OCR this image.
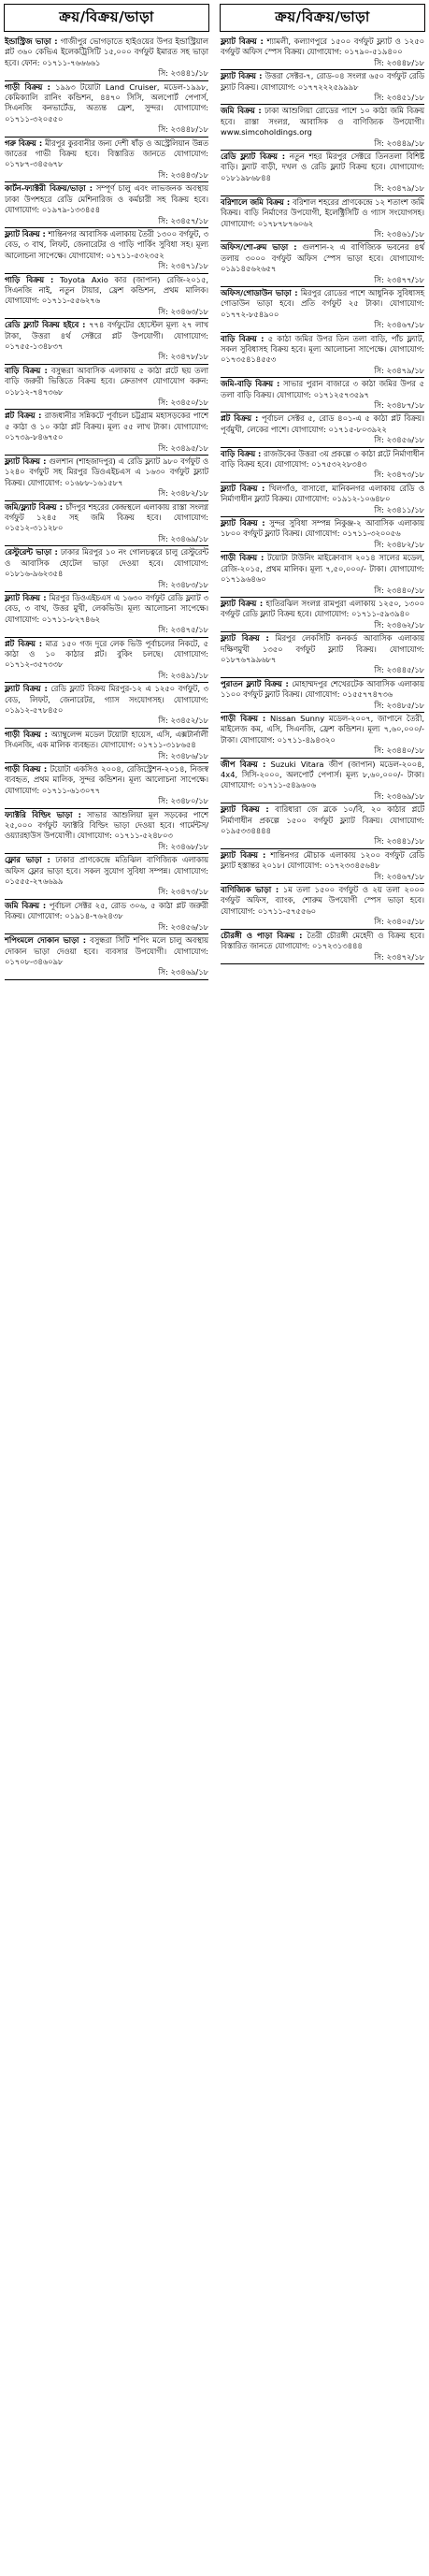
ক্রয়/বিক্রয়/ভাড়া
ইন্ডাস্ট্রিজ ভাড়া : গাজীপুর ভোগড়াতে হাইওয়ের উপর ইন্ডাস্ট্রিয়াল প্লট ৩৬০ কেভিএ ইলেকট্রিসিটি ১৫,০০০ বর্গফুট ইমারত সহ ভাড়া হবে। ফোন: ০১৭১১-৭৬৬৬৬১
সি: ২৩৪৪১/১৮
গাড়ী বিক্রয় : ১৯৯৩ টয়োটা Land Cruiser, মডেল-১৯৯৮, কেমিক্যালি রানিং কন্ডিশন, ৪৪৭০ সিসি, অলপোর্ট পেপার্স, সিএনজি কনভার্টেড, অত্যন্ত ফ্রেশ, সুন্দর। যোগাযোগ: ০১৭১১-৩২০৫৫০
সি: ২৩৪৪৮/১৮
গরু বিক্রয় : মীরপুর কুরবানীর জন্য দেশী ষাঁড় ও অস্ট্রেলিয়ান উন্নত জাতের গাভী বিক্রয় হবে। বিস্তারিত জানতে যোগাযোগ: ০১৭৮৭-৩৪৫৬৭৮
সি: ২৩৪৪৩/১৮
কার্টন-ফ্যাক্টরী বিক্রয়/ভাড়া : সম্পূর্ণ চালু এবং লাভজনক অবস্থায় ঢাকা উপশহরে রেডি মেশিনারিজ ও কর্মচারী সহ বিক্রয় হবে। যোগাযোগ: ০১৯৭৯-১৩৩৪৫৪
সি: ২৩৪৫৭/১৮
ফ্ল্যাট বিক্রয় : শান্তিনগর আবাসিক এলাকায় তৈরী ১৩০০ বর্গফুট, ৩ বেড, ৩ বাথ, লিফট, জেনারেটর ও গাড়ি পার্কিং সুবিধা সহ। মূল্য আলোচনা সাপেক্ষে। যোগাযোগ: ০১৭১১-৫৩২৩৫২
সি: ২৩৪৭১/১৮
গাড়ি বিক্রয় : Toyota Axio কার (জাপান) রেজি-২০১৫, সিএনজি নাই, নতুন টায়ার, ফ্রেশ কন্ডিশন, প্রথম মালিক। যোগাযোগ: ০১৭১১-৫৫৬২৭৬
সি: ২৩৪৬৩/১৮
রেডি ফ্ল্যাট বিক্রয় হইবে : ৭৭৪ বর্গফুটের হোস্টেল মূল্য ২৭ লাখ টাকা, উত্তরা ৪র্থ সেক্টরে প্লট উপযোগী। যোগাযোগ: ০১৭৫৫-১৩৪৮৩৭
সি: ২৩৪৭৮/১৮
বাড়ি বিক্রয় : বসুন্ধরা আবাসিক এলাকায় ৫ কাঠা প্লটে ছয় তলা বাড়ি জরুরী ভিত্তিতে বিক্রয় হবে। ক্রেতাগণ যোগাযোগ করুন: ০১৮১২-৭৪৭৩৬৮
সি: ২৩৪৫০/১৮
প্লট বিক্রয় : রাজধানীর সন্নিকটে পূর্বাচল চট্টগ্রাম মহাসড়কের পাশে ৫ কাঠা ও ১০ কাঠা প্লট বিক্রয়। মূল্য ৫৫ লাখ টাকা। যোগাযোগ: ০১৭৩৯-৮৪৬৭৫০
সি: ২৩৪৯৫/১৮
ফ্ল্যাট বিক্রয় : গুলশান (শাহজাদপুর) এ রেডি ফ্ল্যাট ৯৮০ বর্গফুট ও ১২৪০ বর্গফুট সহ মিরপুর ডিওএইচএস এ ১৬৩০ বর্গফুট ফ্ল্যাট বিক্রয়। যোগাযোগ: ০১৬৮৮-১৬১৫৮৭
সি: ২৩৪৮২/১৮
জমি/ফ্ল্যাট বিক্রয় : চাঁদপুর শহরের কেন্দ্রস্থলে এলাকায় রাস্তা সংলগ্ন বর্গফুট ১২৪৫ সহ জমি বিক্রয় হবে। যোগাযোগ: ০১৫১২-৩১১২৮০
সি: ২৩৪৬৯/১৮
রেস্টুরেন্ট ভাড়া : ঢাকার মিরপুর ১০ নং গোলচত্বরে চালু রেস্টুরেন্ট ও আবাসিক হোটেল ভাড়া দেওয়া হবে। যোগাযোগ: ০১৮১৬-৯৬২৩৫৪
সি: ২৩৪৮৩/১৮
ফ্ল্যাট বিক্রয় : মিরপুর ডিওএইচএস এ ১৬৩০ বর্গফুট রেডি ফ্ল্যাট ৩ বেড, ৩ বাথ, উত্তর মুখী, লেকভিউ। মূল্য আলোচনা সাপেক্ষে। যোগাযোগ: ০১৭১১-৮২৭৪৬২
সি: ২৩৪৭৫/১৮
প্লট বিক্রয় : মাত্র ১৫০ গজ দূরে লেক ভিউ পূর্বাচলের নিকটে, ৫ কাঠা ও ১০ কাঠার প্লট। বুকিং চলছে। যোগাযোগ: ০১৭১২-৩৫৭৩৩৮
সি: ২৩৪৯১/১৮
ফ্ল্যাট বিক্রয় : রেডি ফ্ল্যাট বিক্রয় মিরপুর-১২ এ ১২৫০ বর্গফুট, ৩ বেড, লিফট, জেনারেটর, গ্যাস সংযোগসহ। যোগাযোগ: ০১৯১২-৫৭৮৪৫০
সি: ২৩৪৫২/১৮
গাড়ী বিক্রয় : অ্যাম্বুলেন্স মডেল টয়োটা হায়েস, এসি, এক্সটার্নালী সিএনজি, এক মালিক ব্যবহৃত। যোগাযোগ: ০১৭১১-৩১৮৬৫৪
সি: ২৩৪৮৬/১৮
গাড়ী বিক্রয় : টয়োটা একসিও ২০০৪, রেজিস্ট্রেশন-২০১৪, নিজস্ব ব্যবহৃত, প্রথম মালিক, সুন্দর কন্ডিশন। মূল্য আলোচনা সাপেক্ষে। যোগাযোগ: ০১৭১১-৬১৩০৭৭
সি: ২৩৪৮০/১৮
ফ্যাক্টরি বিল্ডিং ভাড়া : সাভার আশুলিয়া মূল সড়কের পাশে ২৫,০০০ বর্গফুট ফ্যাক্টরি বিল্ডিং ভাড়া দেওয়া হবে। গার্মেন্টস/ওয়্যারহাউস উপযোগী। যোগাযোগ: ০১৭১১-৫২৪৮০৩
সি: ২৩৪৬৮/১৮
ফ্লোর ভাড়া : ঢাকার প্রাণকেন্দ্রে মতিঝিল বাণিজ্যিক এলাকায় অফিস ফ্লোর ভাড়া হবে। সকল সুযোগ সুবিধা সম্পন্ন। যোগাযোগ: ০১৫৫৫-২৭৬৬৯৯
সি: ২৩৪৭৩/১৮
জমি বিক্রয় : পূর্বাচল সেক্টর ২৫, রোড ৩০৬, ৫ কাঠা প্লট জরুরী বিক্রয়। যোগাযোগ: ০১৯১৪-৭৬২৪৩৮
সি: ২৩৪৫৬/১৮
শপিংমলে দোকান ভাড়া : বসুন্ধরা সিটি শপিং মলে চালু অবস্থায় দোকান ভাড়া দেওয়া হবে। ব্যবসার উপযোগী। যোগাযোগ: ০১৭০৮-৩৪৬০৯৮
সি: ২৩৪৬৯/১৮
ক্রয়/বিক্রয়/ভাড়া
ফ্ল্যাট বিক্রয় : শ্যামলী, কল্যাণপুরে ১৫০০ বর্গফুট ফ্ল্যাট ও ১২৫০ বর্গফুট অফিস স্পেস বিক্রয়। যোগাযোগ: ০১৭৯০-৫১৯৪০০
সি: ২৩৪৪৮/১৮
ফ্ল্যাট বিক্রয় : উত্তরা সেক্টর-৭, রোড-০৪ সংলগ্ন ৬৫০ বর্গফুট রেডি ফ্ল্যাট বিক্রয়। যোগাযোগ: ০১৭৭২২২৫৯৯৯৮
সি: ২৩৪৫১/১৮
জমি বিক্রয় : ঢাকা আশুলিয়া রোডের পাশে ১০ কাঠা জমি বিক্রয় হবে। রাস্তা সংলগ্ন, আবাসিক ও বাণিজ্যিক উপযোগী। www.simcoholdings.org
সি: ২৩৪৪৯/১৮
রেডি ফ্ল্যাট বিক্রয় : নতুন শহর মিরপুর সেক্টরে তিনতলা বিশিষ্ট বাড়ি। ফ্ল্যাট বাড়ী, দখল ও রেডি ফ্ল্যাট বিক্রয় হবে। যোগাযোগ: ০১৮১৯৮৬৮৪৪
সি: ২৩৪৭৯/১৮
বরিশালে জমি বিক্রয় : বরিশাল শহরের প্রাণকেন্দ্রে ১২ শতাংশ জমি বিক্রয়। বাড়ি নির্মাণের উপযোগী, ইলেক্ট্রিসিটি ও গ্যাস সংযোগসহ। যোগাযোগ: ০১৭৮৭৮৭৬০৬২
সি: ২৩৪৬১/১৮
অফিস/শো-রুম ভাড়া : গুলশান-২ এ বাণিজ্যিক ভবনের ৪র্থ তলায় ৩০০০ বর্গফুট অফিস স্পেস ভাড়া হবে। যোগাযোগ: ০১৯১৪৫৬২৬৫৭
সি: ২৩৪৭৭/১৮
অফিস/গোডাউন ভাড়া : মিরপুর রোডের পাশে আধুনিক সুবিধাসহ গোডাউন ভাড়া হবে। প্রতি বর্গফুট ২৫ টাকা। যোগাযোগ: ০১৭৭২-৮৫৪৯০০
সি: ২৩৪৬৭/১৮
বাড়ি বিক্রয় : ৫ কাঠা জমির উপর তিন তলা বাড়ি, পাঁচ ফ্ল্যাট, সকল সুবিধাসহ বিক্রয় হবে। মূল্য আলোচনা সাপেক্ষে। যোগাযোগ: ০১৭৩৫৪১৪৫৫৩
সি: ২৩৪৭৯/১৮
জমি-বাড়ি বিক্রয় : সাভার পুরান বাজারে ৩ কাঠা জমির উপর ৫ তলা বাড়ি বিক্রয়। যোগাযোগ: ০১৭১২৫৭৩৫৯৭
সি: ২৩৪৮৭/১৮
প্লট বিক্রয় : পূর্বাচল সেক্টর ৫, রোড ৪০১-এ ৫ কাঠা প্লট বিক্রয়। পূর্বমুখী, লেকের পাশে। যোগাযোগ: ০১৭১৫-৮০৩৯২২
সি: ২৩৪৫৬/১৮
বাড়ি বিক্রয় : রাজউকের উত্তরা ৩য় প্রকল্পে ৩ কাঠা প্লটে নির্মাণাধীন বাড়ি বিক্রয় হবে। যোগাযোগ: ০১৭৫৩২২৮৩৪৩
সি: ২৩৪৭৩/১৮
ফ্ল্যাট বিক্রয় : খিলগাঁও, বাসাবো, মানিকনগর এলাকায় রেডি ও নির্মাণাধীন ফ্ল্যাট বিক্রয়। যোগাযোগ: ০১৯১২-১০৬৪৮০
সি: ২৩৪১১/১৮
ফ্ল্যাট বিক্রয় : সুন্দর সুবিধা সম্পন্ন নিকুঞ্জ-২ আবাসিক এলাকায় ১৮০০ বর্গফুট ফ্ল্যাট বিক্রয়। যোগাযোগ: ০১৭১১-৩২০০৫৬
সি: ২৩৪৮২/১৮
গাড়ী বিক্রয় : টয়োটা টাউনিং মাইক্রোবাস ২০১৪ সালের মডেল, রেজি-২০১৫, প্রথম মালিক। মূল্য ৭,৫০,০০০/- টাকা। যোগাযোগ: ০১৭১৯৬৪৬০
সি: ২৩৪৪০/১৮
ফ্ল্যাট বিক্রয় : হাতিরঝিল সংলগ্ন রামপুরা এলাকায় ১২৫০, ১৩০০ বর্গফুট রেডি ফ্ল্যাট বিক্রয় হবে। যোগাযোগ: ০১৭১১-৫৯৩৯৪০
সি: ২৩৪৬২/১৮
ফ্ল্যাট বিক্রয় : মিরপুর লেকসিটি কনকর্ড আবাসিক এলাকায় দক্ষিণমুখী ১৩৫০ বর্গফুট ফ্ল্যাট বিক্রয়। যোগাযোগ: ০১৮৭৬৭৯৯৬৮৭
সি: ২৩৪৪৫/১৮
পুরাতন ফ্ল্যাট বিক্রয় : মোহাম্মদপুর শেখেরটেক আবাসিক এলাকায় ১১০০ বর্গফুট ফ্ল্যাট বিক্রয়। যোগাযোগ: ০১৫৫৭৭৪৭৩৬
সি: ২৩৪৮৫/১৮
গাড়ী বিক্রয় : Nissan Sunny মডেল-২০০৭, জাপানে তৈরী, মাইলেজ কম, এসি, সিএনজি, ফ্রেশ কন্ডিশন। মূল্য ৭,৬০,০০০/- টাকা। যোগাযোগ: ০১৭১১-৪৯৪৩২০
সি: ২৩৪৪০/১৮
জীপ বিক্রয় : Suzuki Vitara জীপ (জাপান) মডেল-২০০৪, 4x4, সিসি-২০০০, অলপোর্ট পেপার্স। মূল্য ৮,৬০,০০০/- টাকা। যোগাযোগ: ০১৭১১-৫৪৯৬০৬
সি: ২৩৪৬৯/১৮
ফ্ল্যাট বিক্রয় : বারিধারা জে ব্লকে ১০/বি, ২০ কাঠার প্লটে নির্মাণাধীন প্রকল্পে ১৫০০ বর্গফুট ফ্ল্যাট বিক্রয়। যোগাযোগ: ০১৯৫৩৩৪৪৪৪
সি: ২৩৪৪১/১৮
ফ্ল্যাট বিক্রয় : শান্তিনগর মৌচাক এলাকায় ১২০০ বর্গফুট রেডি ফ্ল্যাট হস্তান্তর ২০১৮। যোগাযোগ: ০১৭২৩৩৪৫৬৪৮
সি: ২৩৪৬৭/১৮
বাণিজ্যিক ভাড়া : ১ম তলা ১৫০০ বর্গফুট ও ২য় তলা ২০০০ বর্গফুট অফিস, ব্যাংক, শোরুম উপযোগী স্পেস ভাড়া হবে। যোগাযোগ: ০১৭১১-৫৭৫৫৬০
সি: ২৩৪০৫/১৮
চৌরঙ্গী ও পাড়া বিক্রয় : তৈরী চৌরঙ্গী মেহেদী ও বিক্রয় হবে। বিস্তারিত জানতে যোগাযোগ: ০১৭২৩১৩৪৪৪
সি: ২৩৪৭২/১৮
